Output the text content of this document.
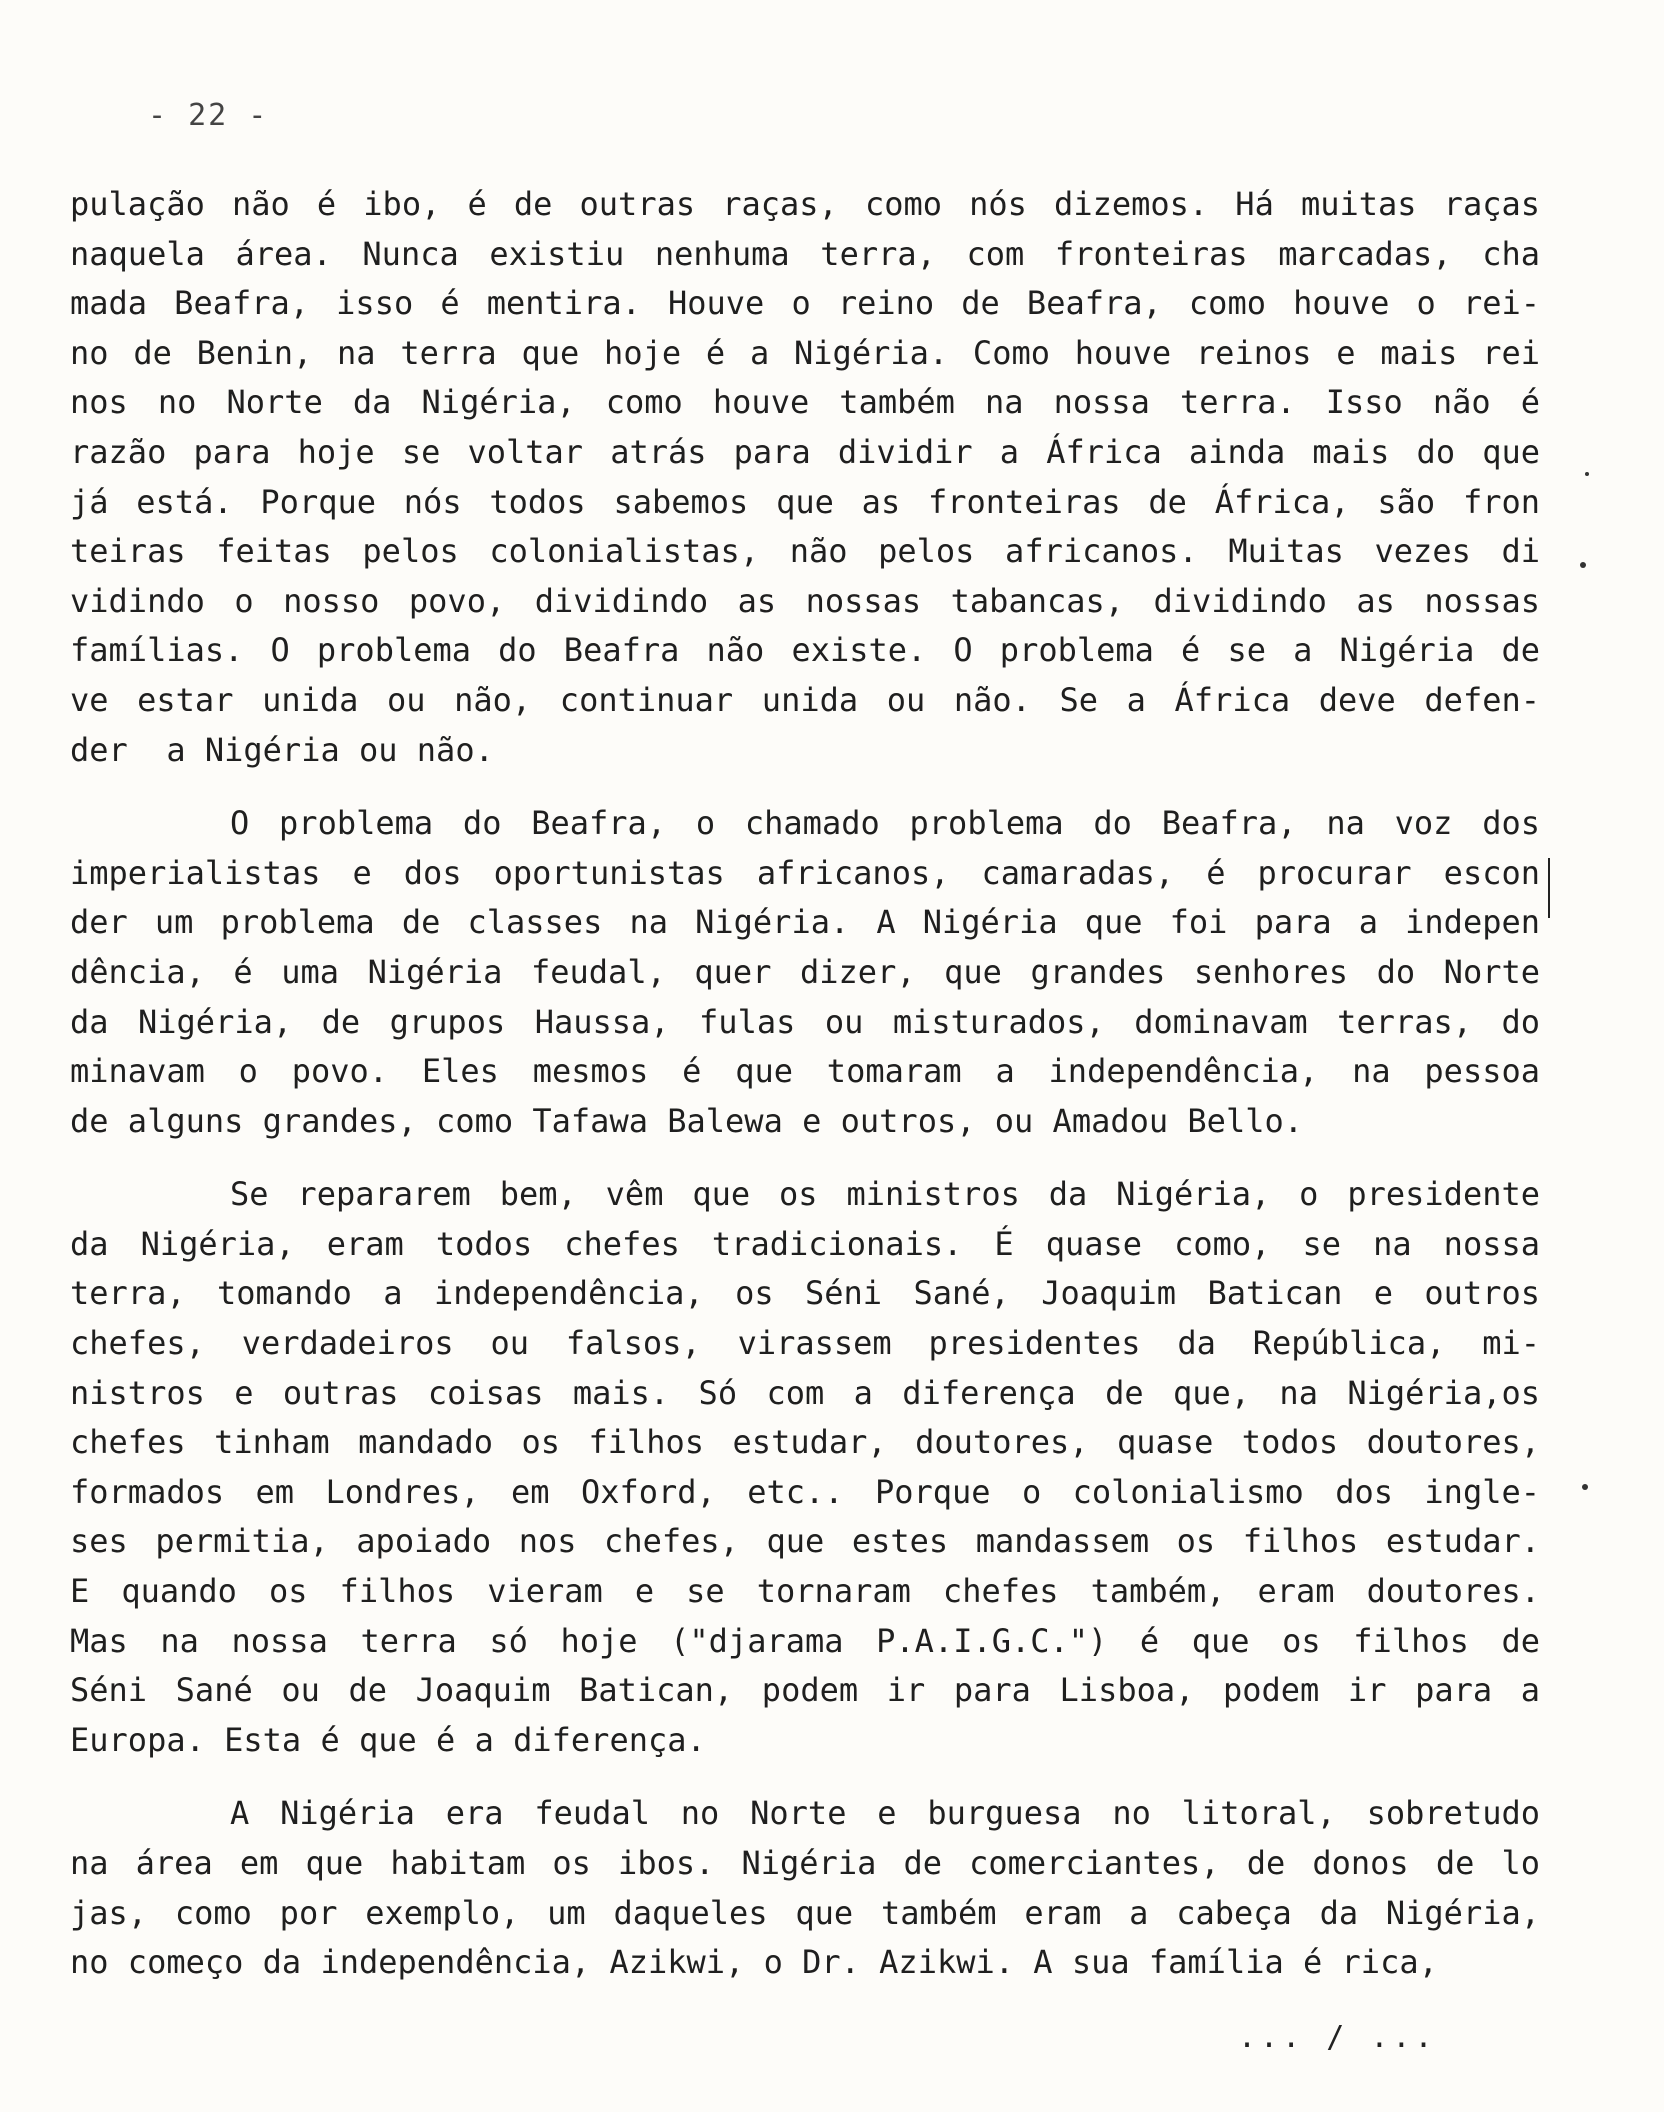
- 22 -
pulação não é ibo, é de outras raças, como nós dizemos. Há muitas raças
naquela área. Nunca existiu nenhuma terra, com fronteiras marcadas, cha
mada Beafra, isso é mentira. Houve o reino de Beafra, como houve o rei-
no de Benin, na terra que hoje é a Nigéria. Como houve reinos e mais rei
nos no Norte da Nigéria, como houve também na nossa terra. Isso não é
razão para hoje se voltar atrás para dividir a África ainda mais do que
já está. Porque nós todos sabemos que as fronteiras de África, são fron
teiras feitas pelos colonialistas, não pelos africanos. Muitas vezes di
vidindo o nosso povo, dividindo as nossas tabancas, dividindo as nossas
famílias. O problema do Beafra não existe. O problema é se a Nigéria de
ve estar unida ou não, continuar unida ou não. Se a África deve defen-
der  a Nigéria ou não.
O problema do Beafra, o chamado problema do Beafra, na voz dos
imperialistas e dos oportunistas africanos, camaradas, é procurar escon
der um problema de classes na Nigéria. A Nigéria que foi para a indepen
dência, é uma Nigéria feudal, quer dizer, que grandes senhores do Norte
da Nigéria, de grupos Haussa, fulas ou misturados, dominavam terras, do
minavam o povo. Eles mesmos é que tomaram a independência, na pessoa
de alguns grandes, como Tafawa Balewa e outros, ou Amadou Bello.
Se repararem bem, vêm que os ministros da Nigéria, o presidente
da Nigéria, eram todos chefes tradicionais. É quase como, se na nossa
terra, tomando a independência, os Séni Sané, Joaquim Batican e outros
chefes, verdadeiros ou falsos, virassem presidentes da República, mi-
nistros e outras coisas mais. Só com a diferença de que, na Nigéria,os
chefes tinham mandado os filhos estudar, doutores, quase todos doutores,
formados em Londres, em Oxford, etc.. Porque o colonialismo dos ingle-
ses permitia, apoiado nos chefes, que estes mandassem os filhos estudar.
E quando os filhos vieram e se tornaram chefes também, eram doutores.
Mas na nossa terra só hoje ("djarama P.A.I.G.C.") é que os filhos de
Séni Sané ou de Joaquim Batican, podem ir para Lisboa, podem ir para a
Europa. Esta é que é a diferença.
A Nigéria era feudal no Norte e burguesa no litoral, sobretudo
na área em que habitam os ibos. Nigéria de comerciantes, de donos de lo
jas, como por exemplo, um daqueles que também eram a cabeça da Nigéria,
no começo da independência, Azikwi, o Dr. Azikwi. A sua família é rica,
... / ...
